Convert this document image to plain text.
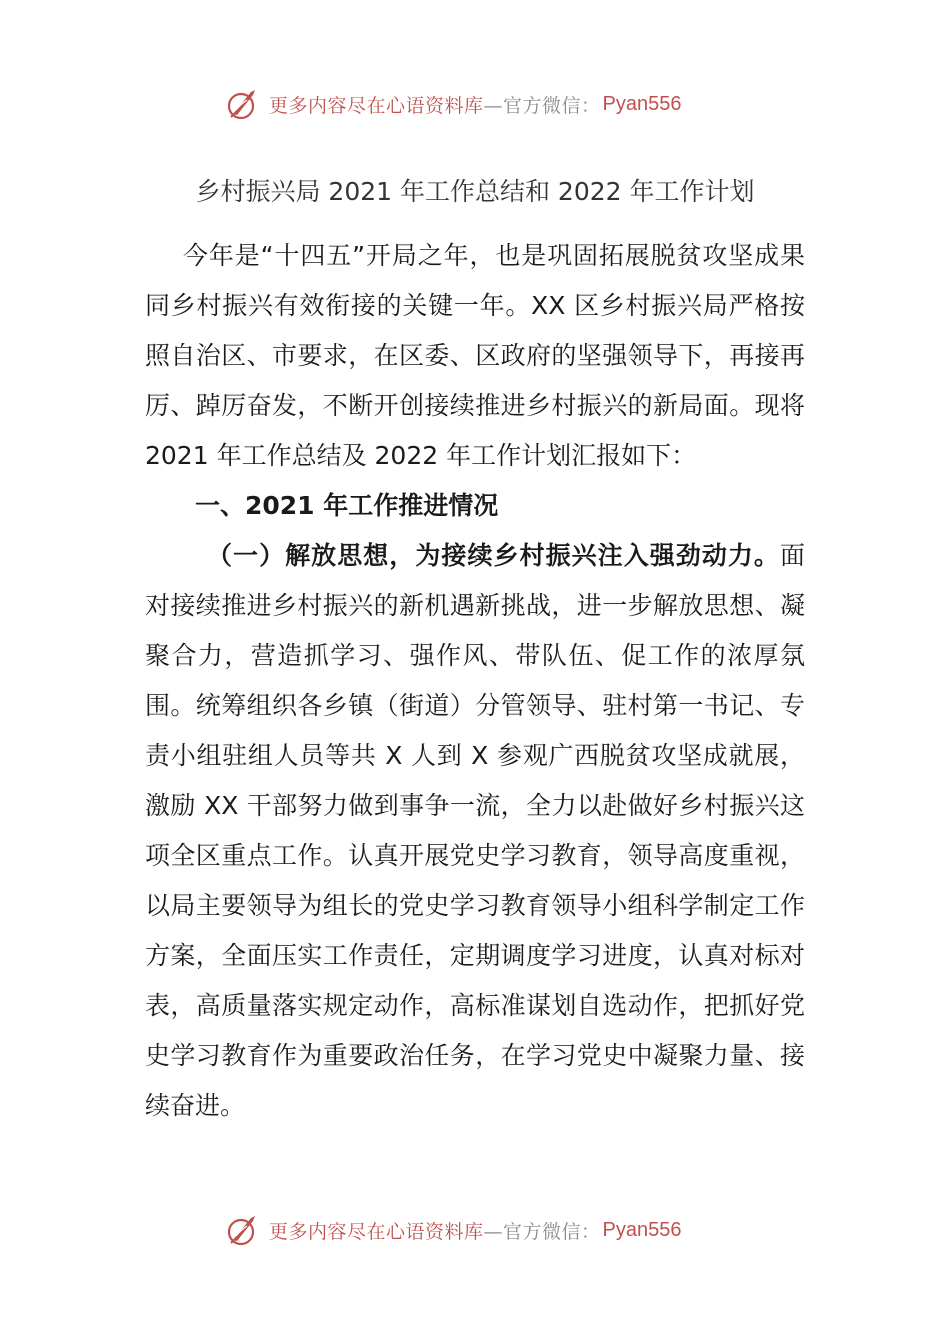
更多内容尽在心语资料库 —官方微信： Pyan556
乡村振兴局 2021 年工作总结和 2022 年工作计划

今年是“十四五”开局之年，也是巩固拓展脱贫攻坚成果同乡村振兴有效衔接的关键一年。XX 区乡村振兴局严格按照自治区、市要求，在区委、区政府的坚强领导下，再接再厉、踔厉奋发，不断开创接续推进乡村振兴的新局面。现将 2021 年工作总结及 2022 年工作计划汇报如下：

一、2021 年工作推进情况

（一）解放思想，为接续乡村振兴注入强劲动力。面对接续推进乡村振兴的新机遇新挑战，进一步解放思想、凝聚合力，营造抓学习、强作风、带队伍、促工作的浓厚氛围。统筹组织各乡镇（街道）分管领导、驻村第一书记、专责小组驻组人员等共 X 人到 X 参观广西脱贫攻坚成就展，激励 XX 干部努力做到事争一流，全力以赴做好乡村振兴这项全区重点工作。认真开展党史学习教育，领导高度重视，以局主要领导为组长的党史学习教育领导小组科学制定工作方案，全面压实工作责任，定期调度学习进度，认真对标对表，高质量落实规定动作，高标准谋划自选动作，把抓好党史学习教育作为重要政治任务，在学习党史中凝聚力量、接续奋进。

更多内容尽在心语资料库 —官方微信： Pyan556
